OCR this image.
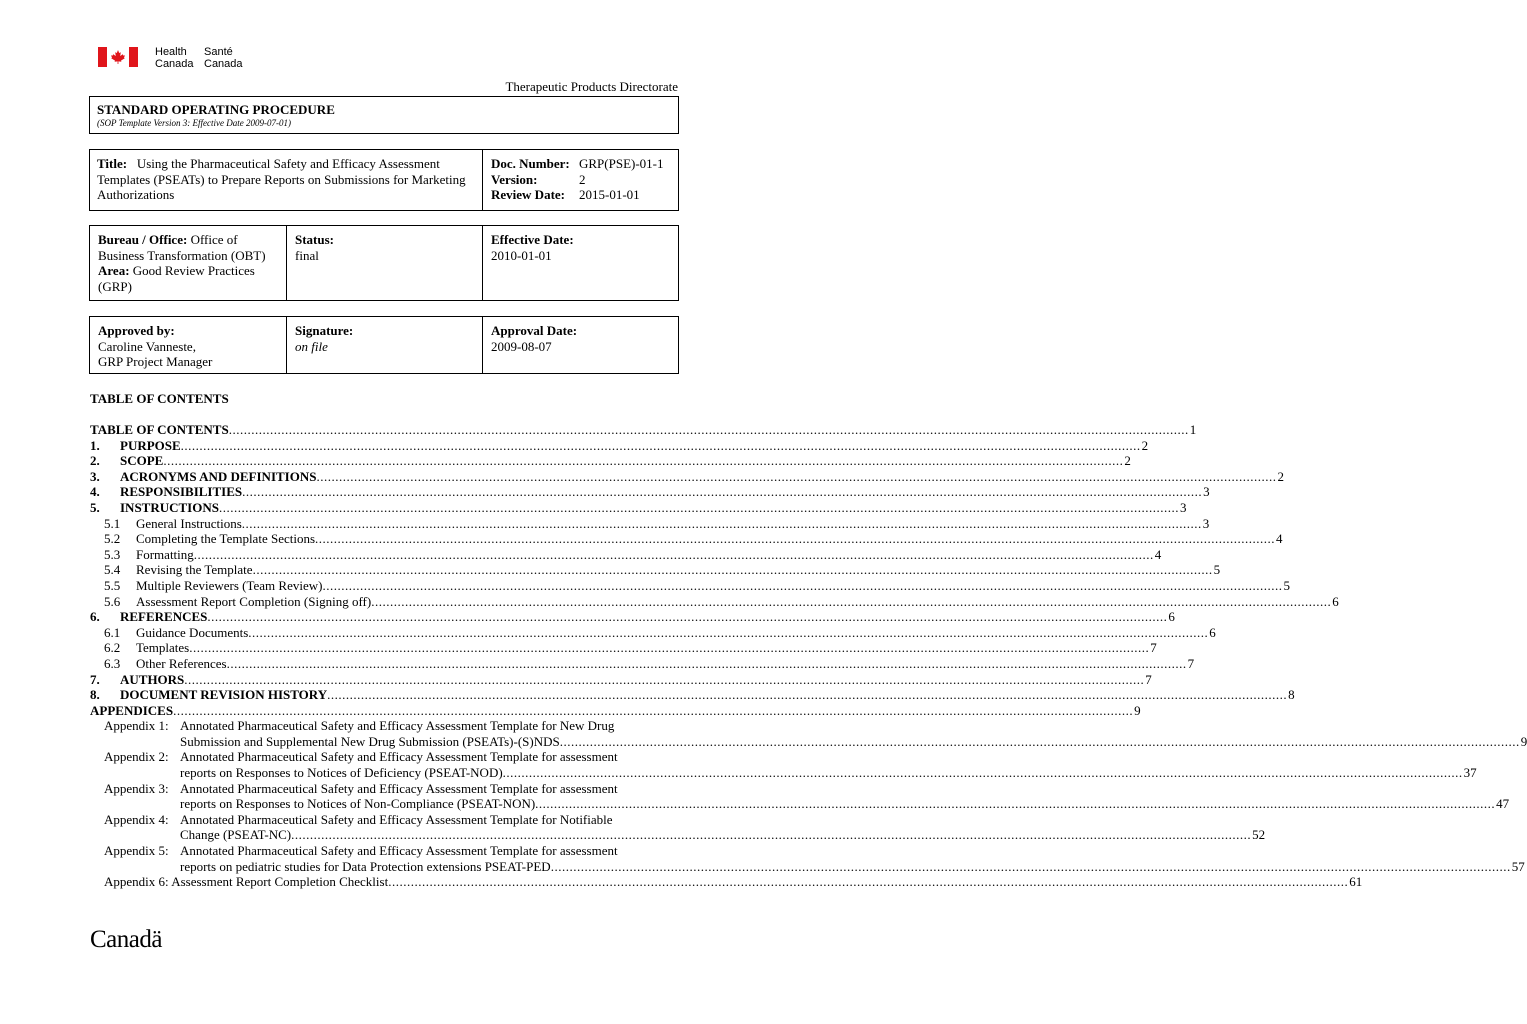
Health
Canada
Santé
Canada
Therapeutic Products Directorate
STANDARD OPERATING PROCEDURE
(SOP Template Version 3: Effective Date 2009-07-01)
Title: Using the Pharmaceutical Safety and Efficacy Assessment Templates (PSEATs) to Prepare Reports on Submissions for Marketing Authorizations
Doc. Number: GRP(PSE)-01-1
Version:	2
Review Date: 2015-01-01
Bureau / Office: Office of
Business Transformation (OBT)
Area: Good Review Practices
(GRP)
Status:
final
Effective Date:
2010-01-01
Approved by:
Caroline Vanneste,
GRP Project Manager
Signature:
on file
Approval Date:
2009-08-07
TABLE OF CONTENTS
TABLE OF CONTENTS .....	1
1. PURPOSE .....	2
2. SCOPE .....	2
3. ACRONYMS AND DEFINITIONS .....	2
4. RESPONSIBILITIES .....	3
5. INSTRUCTIONS .....	3
5.1 General Instructions .....	3
5.2 Completing the Template Sections .....	4
5.3 Formatting .....	4
5.4 Revising the Template .....	5
5.5 Multiple Reviewers (Team Review) .....	5
5.6 Assessment Report Completion (Signing off) .....	6
6. REFERENCES .....	6
6.1 Guidance Documents .....	6
6.2 Templates .....	7
6.3 Other References .....	7
7. AUTHORS .....	7
8. DOCUMENT REVISION HISTORY .....	8
APPENDICES .....	9
Appendix 1: Annotated Pharmaceutical Safety and Efficacy Assessment Template for New Drug
Submission and Supplemental New Drug Submission (PSEATs)-(S)NDS .....	9
Appendix 2: Annotated Pharmaceutical Safety and Efficacy Assessment Template for assessment
reports on Responses to Notices of Deficiency (PSEAT-NOD) .....	37
Appendix 3: Annotated Pharmaceutical Safety and Efficacy Assessment Template for assessment
reports on Responses to Notices of Non-Compliance (PSEAT-NON) .....	47
Appendix 4: Annotated Pharmaceutical Safety and Efficacy Assessment Template for Notifiable
Change (PSEAT-NC) .....	52
Appendix 5: Annotated Pharmaceutical Safety and Efficacy Assessment Template for assessment
reports on pediatric studies for Data Protection extensions PSEAT-PED .....	57
Appendix 6: Assessment Report Completion Checklist .....	61
Canadä
